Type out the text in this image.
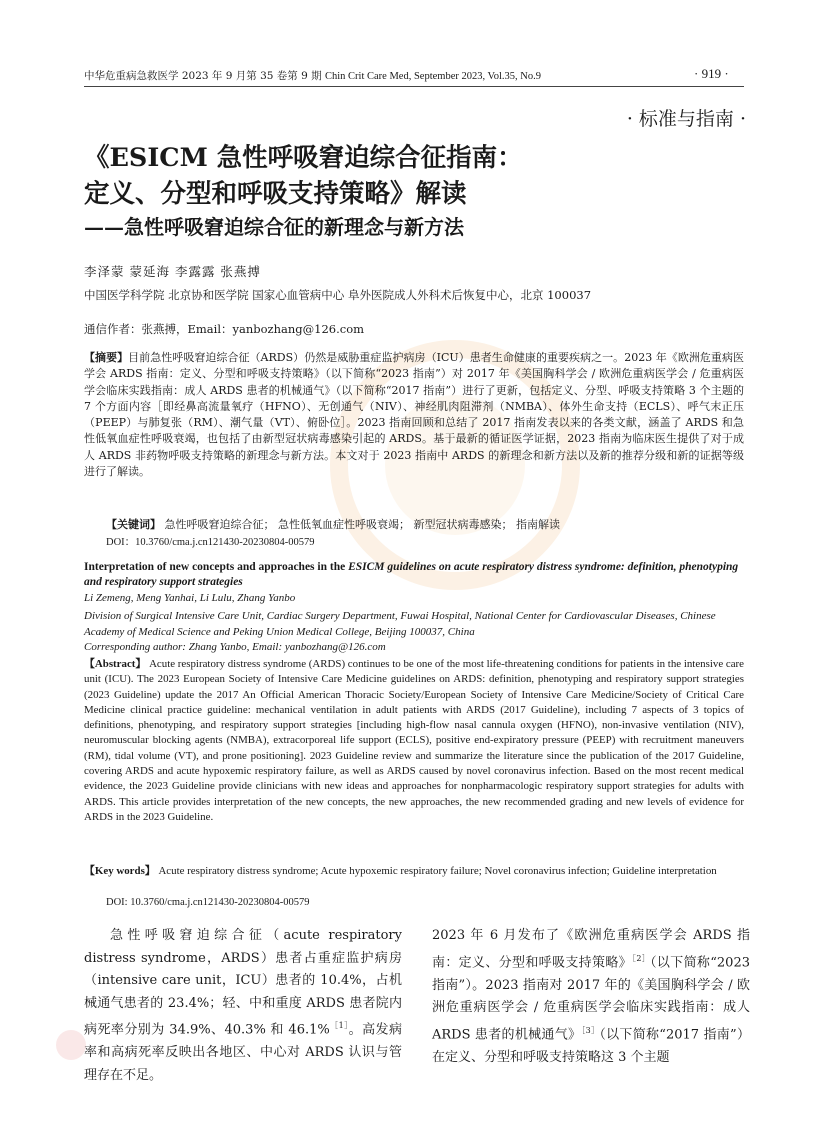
中华危重病急救医学 2023 年 9 月第 35 卷第 9 期 Chin Crit Care Med, September 2023, Vol.35, No.9	· 919 ·
· 标准与指南 ·
《ESICM 急性呼吸窘迫综合征指南：
定义、分型和呼吸支持策略》解读
——急性呼吸窘迫综合征的新理念与新方法
李泽蒙 蒙延海 李露露 张燕搏
中国医学科学院 北京协和医学院 国家心血管病中心 阜外医院成人外科术后恢复中心，北京 100037
通信作者：张燕搏，Email：yanbozhang@126.com
【摘要】目前急性呼吸窘迫综合征（ARDS）仍然是威胁重症监护病房（ICU）患者生命健康的重要疾病之一。2023 年《欧洲危重病医学会 ARDS 指南：定义、分型和呼吸支持策略》（以下简称“2023 指南”）对 2017 年《美国胸科学会 / 欧洲危重病医学会 / 危重病医学会临床实践指南：成人 ARDS 患者的机械通气》（以下简称“2017 指南”）进行了更新，包括定义、分型、呼吸支持策略 3 个主题的 7 个方面内容［即经鼻高流量氧疗（HFNO）、无创通气（NIV）、神经肌肉阻滞剂（NMBA）、体外生命支持（ECLS）、呼气末正压（PEEP）与肺复张（RM）、潮气量（VT）、俯卧位］。2023 指南回顾和总结了 2017 指南发表以来的各类文献，涵盖了 ARDS 和急性低氧血症性呼吸衰竭，也包括了由新型冠状病毒感染引起的 ARDS。基于最新的循证医学证据，2023 指南为临床医生提供了对于成人 ARDS 非药物呼吸支持策略的新理念与新方法。本文对于 2023 指南中 ARDS 的新理念和新方法以及新的推荐分级和新的证据等级进行了解读。
【关键词】 急性呼吸窘迫综合征； 急性低氧血症性呼吸衰竭； 新型冠状病毒感染； 指南解读
DOI：10.3760/cma.j.cn121430-20230804-00579
Interpretation of new concepts and approaches in the ESICM guidelines on acute respiratory distress syndrome: definition, phenotyping and respiratory support strategies
Li Zemeng, Meng Yanhai, Li Lulu, Zhang Yanbo
Division of Surgical Intensive Care Unit, Cardiac Surgery Department, Fuwai Hospital, National Center for Cardiovascular Diseases, Chinese Academy of Medical Science and Peking Union Medical College, Beijing 100037, China
Corresponding author: Zhang Yanbo, Email: yanbozhang@126.com
【Abstract】 Acute respiratory distress syndrome (ARDS) continues to be one of the most life-threatening conditions for patients in the intensive care unit (ICU). The 2023 European Society of Intensive Care Medicine guidelines on ARDS: definition, phenotyping and respiratory support strategies (2023 Guideline) update the 2017 An Official American Thoracic Society/European Society of Intensive Care Medicine/Society of Critical Care Medicine clinical practice guideline: mechanical ventilation in adult patients with ARDS (2017 Guideline), including 7 aspects of 3 topics of definitions, phenotyping, and respiratory support strategies [including high-flow nasal cannula oxygen (HFNO), non-invasive ventilation (NIV), neuromuscular blocking agents (NMBA), extracorporeal life support (ECLS), positive end-expiratory pressure (PEEP) with recruitment maneuvers (RM), tidal volume (VT), and prone positioning]. 2023 Guideline review and summarize the literature since the publication of the 2017 Guideline, covering ARDS and acute hypoxemic respiratory failure, as well as ARDS caused by novel coronavirus infection. Based on the most recent medical evidence, the 2023 Guideline provide clinicians with new ideas and approaches for nonpharmacologic respiratory support strategies for adults with ARDS. This article provides interpretation of the new concepts, the new approaches, the new recommended grading and new levels of evidence for ARDS in the 2023 Guideline.
【Key words】 Acute respiratory distress syndrome; Acute hypoxemic respiratory failure; Novel coronavirus infection; Guideline interpretation
DOI: 10.3760/cma.j.cn121430-20230804-00579
急性呼吸窘迫综合征（acute respiratory distress syndrome，ARDS）患者占重症监护病房（intensive care unit，ICU）患者的 10.4%，占机械通气患者的 23.4%；轻、中和重度 ARDS 患者院内病死率分别为 34.9%、40.3% 和 46.1%$^{[1]}$。高发病率和高病死率反映出各地区、中心对 ARDS 认识与管理存在不足。
2023 年 6 月发布了《欧洲危重病医学会 ARDS 指南：定义、分型和呼吸支持策略》$^{[2]}$（以下简称“2023 指南”）。2023 指南对 2017 年的《美国胸科学会 / 欧洲危重病医学会 / 危重病医学会临床实践指南：成人 ARDS 患者的机械通气》$^{[3]}$（以下简称“2017 指南”）在定义、分型和呼吸支持策略这 3 个主题
